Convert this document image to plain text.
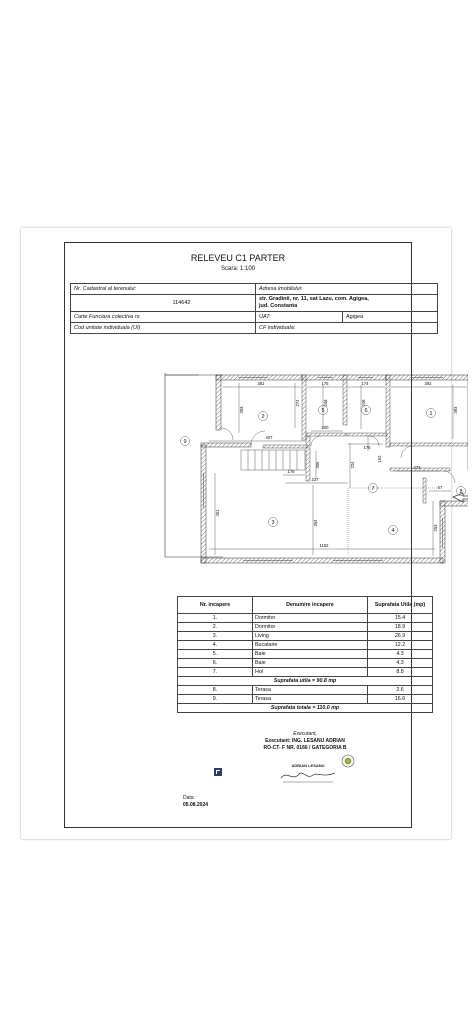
RELEVEU C1 PARTER
Scara: 1:100
Nr. Cadastral al terenului:	Adresa imobilului:	
114642	str. Gradinii, nr. 11, sat Lazu, com. Agigea,
jud. Constanta	

Carte Funciara colectiva nr.	UAT:	Agigea
Cod unitate individuala (UI)	CF individuala:	
381	175	174	392
393
274	248	248
393
407
200
175
152
273
176
237
306	224
451
354
67
253
1152
1
2
3
4
5	6
7	8
9
Nr. incapere	Denumire incapere	Suprafata Utila (mp)
1.	Dormitor	15.4
2.	Dormitor	18.9
3.	Living	26.9
4.	Bucatarie	12.2
5.	Baie	4.3
6.	Baie	4.3
7.	Hol	8.8
Suprafata utila = 90.8 mp		
8.	Terasa	2.6
9.	Terasa	16.6
Suprafata totala = 110.0 mp		
Executant,
Executant: ING. LESANU ADRIAN
RO-CT- F NR. 0166 / GATEGORIA B
ADRIAN LESANU
Data:
05.08.2024
